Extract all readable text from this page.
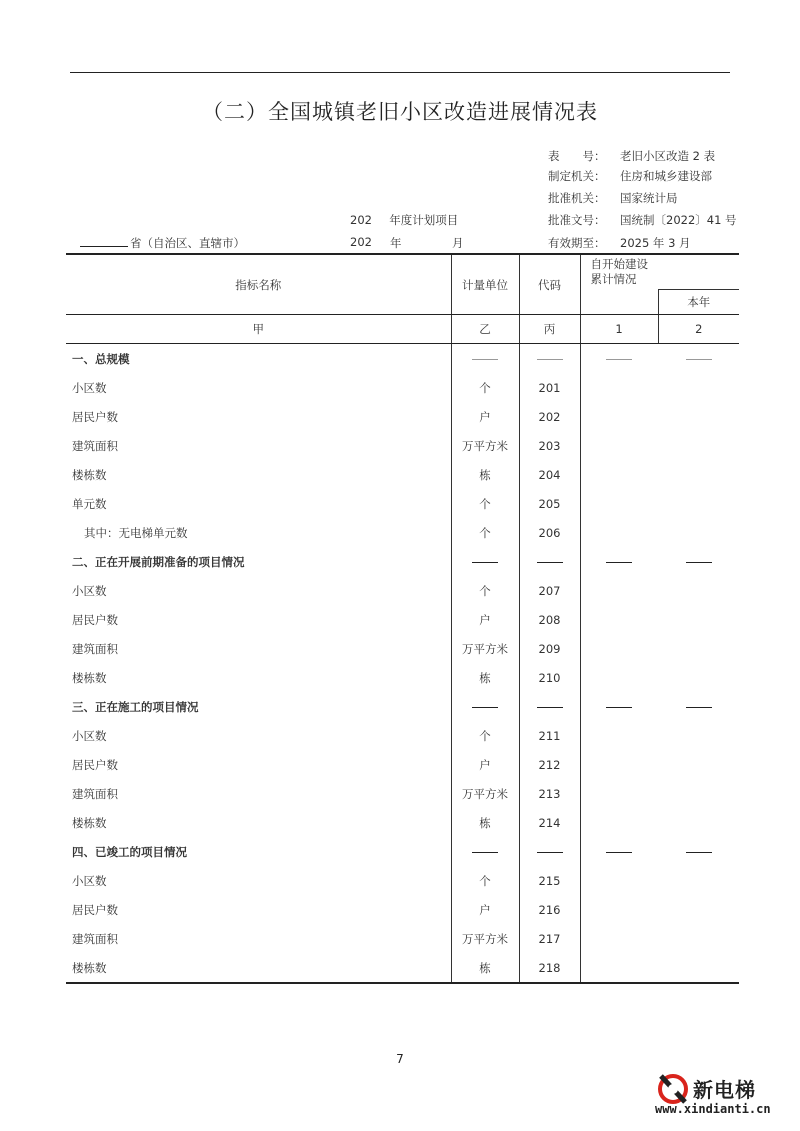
（二）全国城镇老旧小区改造进展情况表
表　　号： 老旧小区改造 2 表
制定机关： 住房和城乡建设部
批准机关： 国家统计局
批准文号： 国统制〔2022〕41 号
有效期至： 2025 年 3 月
202 年度计划项目
省（自治区、直辖市）	202 年	月
指标名称	计量单位	代码	自开始建设累计情况	

				本年
甲	乙	丙	1	2
一、总规模				
小区数	个	201		
居民户数	户	202		
建筑面积	万平方米	203		
楼栋数	栋	204		
单元数	个	205		
其中：无电梯单元数	个	206		
二、正在开展前期准备的项目情况				
小区数	个	207		
居民户数	户	208		
建筑面积	万平方米	209		
楼栋数	栋	210		
三、正在施工的项目情况				
小区数	个	211		
居民户数	户	212		
建筑面积	万平方米	213		
楼栋数	栋	214		
四、已竣工的项目情况				
小区数	个	215		
居民户数	户	216		
建筑面积	万平方米	217		
楼栋数	栋	218		
7
新电梯
www.xindianti.cn
